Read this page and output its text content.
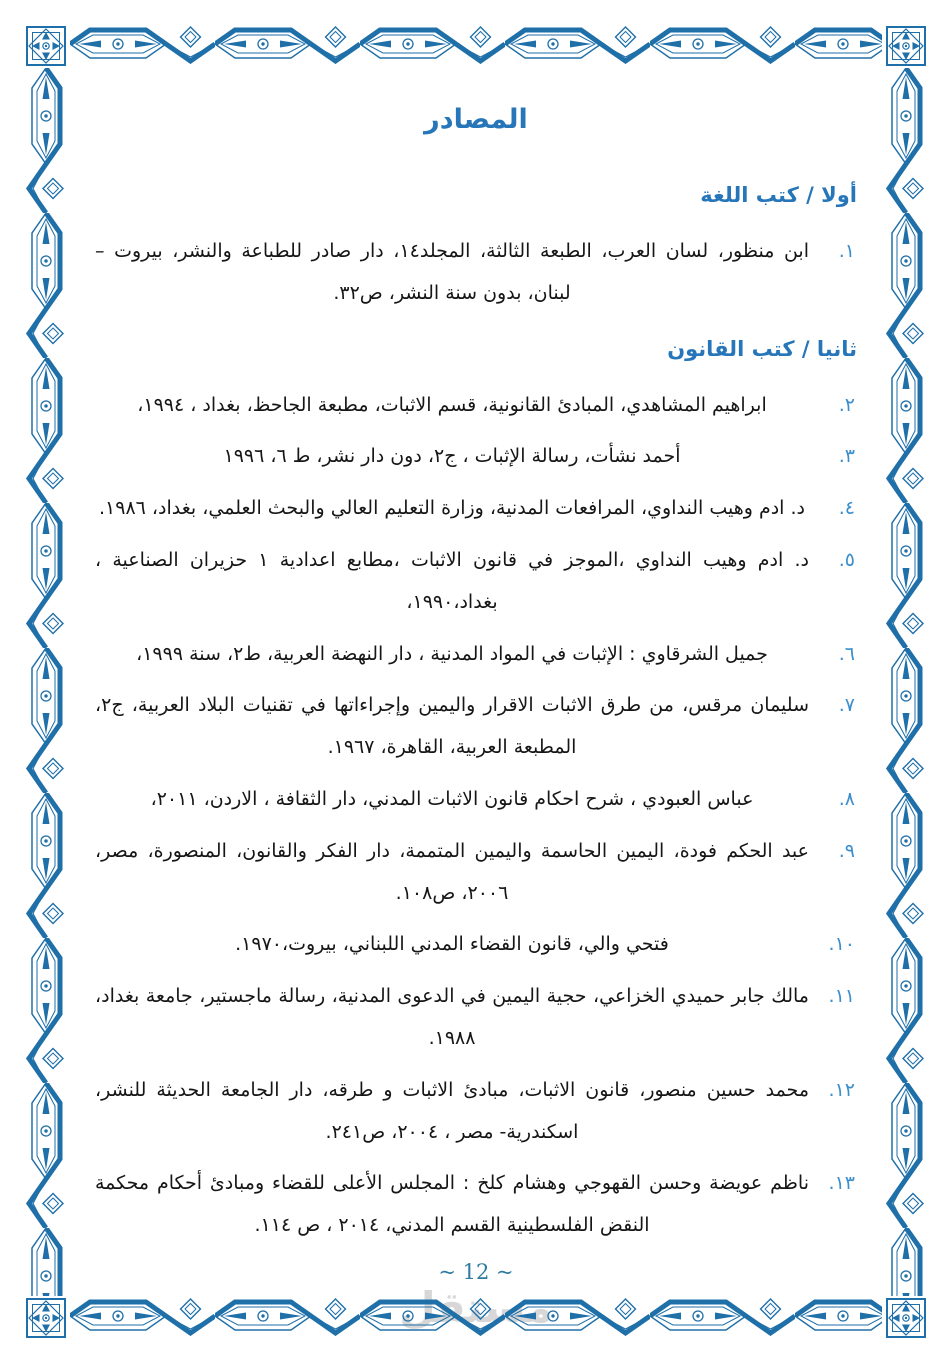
المصادر
أولا / كتب اللغة
١.
ابن منظور، لسان العرب، الطبعة الثالثة، المجلد١٤، دار صادر للطباعة والنشر، بيروت – لبنان، بدون سنة النشر، ص٣٢.
ثانيا / كتب القانون
٢.
ابراهيم المشاهدي، المبادئ القانونية، قسم الاثبات، مطبعة الجاحظ، بغداد ، ١٩٩٤،
٣.
أحمد نشأت، رسالة الإثبات ، ج٢، دون دار نشر، ط ٦، ١٩٩٦
٤.
د. ادم وهيب النداوي، المرافعات المدنية، وزارة التعليم العالي والبحث العلمي، بغداد، ١٩٨٦.
٥.
د. ادم وهيب النداوي ،الموجز في قانون الاثبات ،مطابع اعدادية ١ حزيران الصناعية ، بغداد،١٩٩٠،
٦.
جميل الشرقاوي : الإثبات في المواد المدنية ، دار النهضة العربية، ط٢، سنة ١٩٩٩،
٧.
سليمان مرقس، من طرق الاثبات الاقرار واليمين وإجراءاتها في تقنيات البلاد العربية، ج٢، المطبعة العربية، القاهرة، ١٩٦٧.
٨.
عباس العبودي ، شرح احكام قانون الاثبات المدني، دار الثقافة ، الاردن، ٢٠١١،
٩.
عبد الحكم فودة، اليمين الحاسمة واليمين المتممة، دار الفكر والقانون، المنصورة، مصر، ٢٠٠٦، ص١٠٨.
١٠.
فتحي والي، قانون القضاء المدني اللبناني، بيروت،١٩٧٠.
١١.
مالك جابر حميدي الخزاعي، حجية اليمين في الدعوى المدنية، رسالة ماجستير، جامعة بغداد، ١٩٨٨.
١٢.
محمد حسين منصور، قانون الاثبات، مبادئ الاثبات و طرقه، دار الجامعة الحديثة للنشر، اسكندرية- مصر ، ٢٠٠٤، ص٢٤١.
١٣.
ناظم عويضة وحسن القهوجي وهشام كلخ : المجلس الأعلى للقضاء ومبادئ أحكام محكمة النقض الفلسطينية القسم المدني، ٢٠١٤ ، ص ١١٤.
~ 12 ~
